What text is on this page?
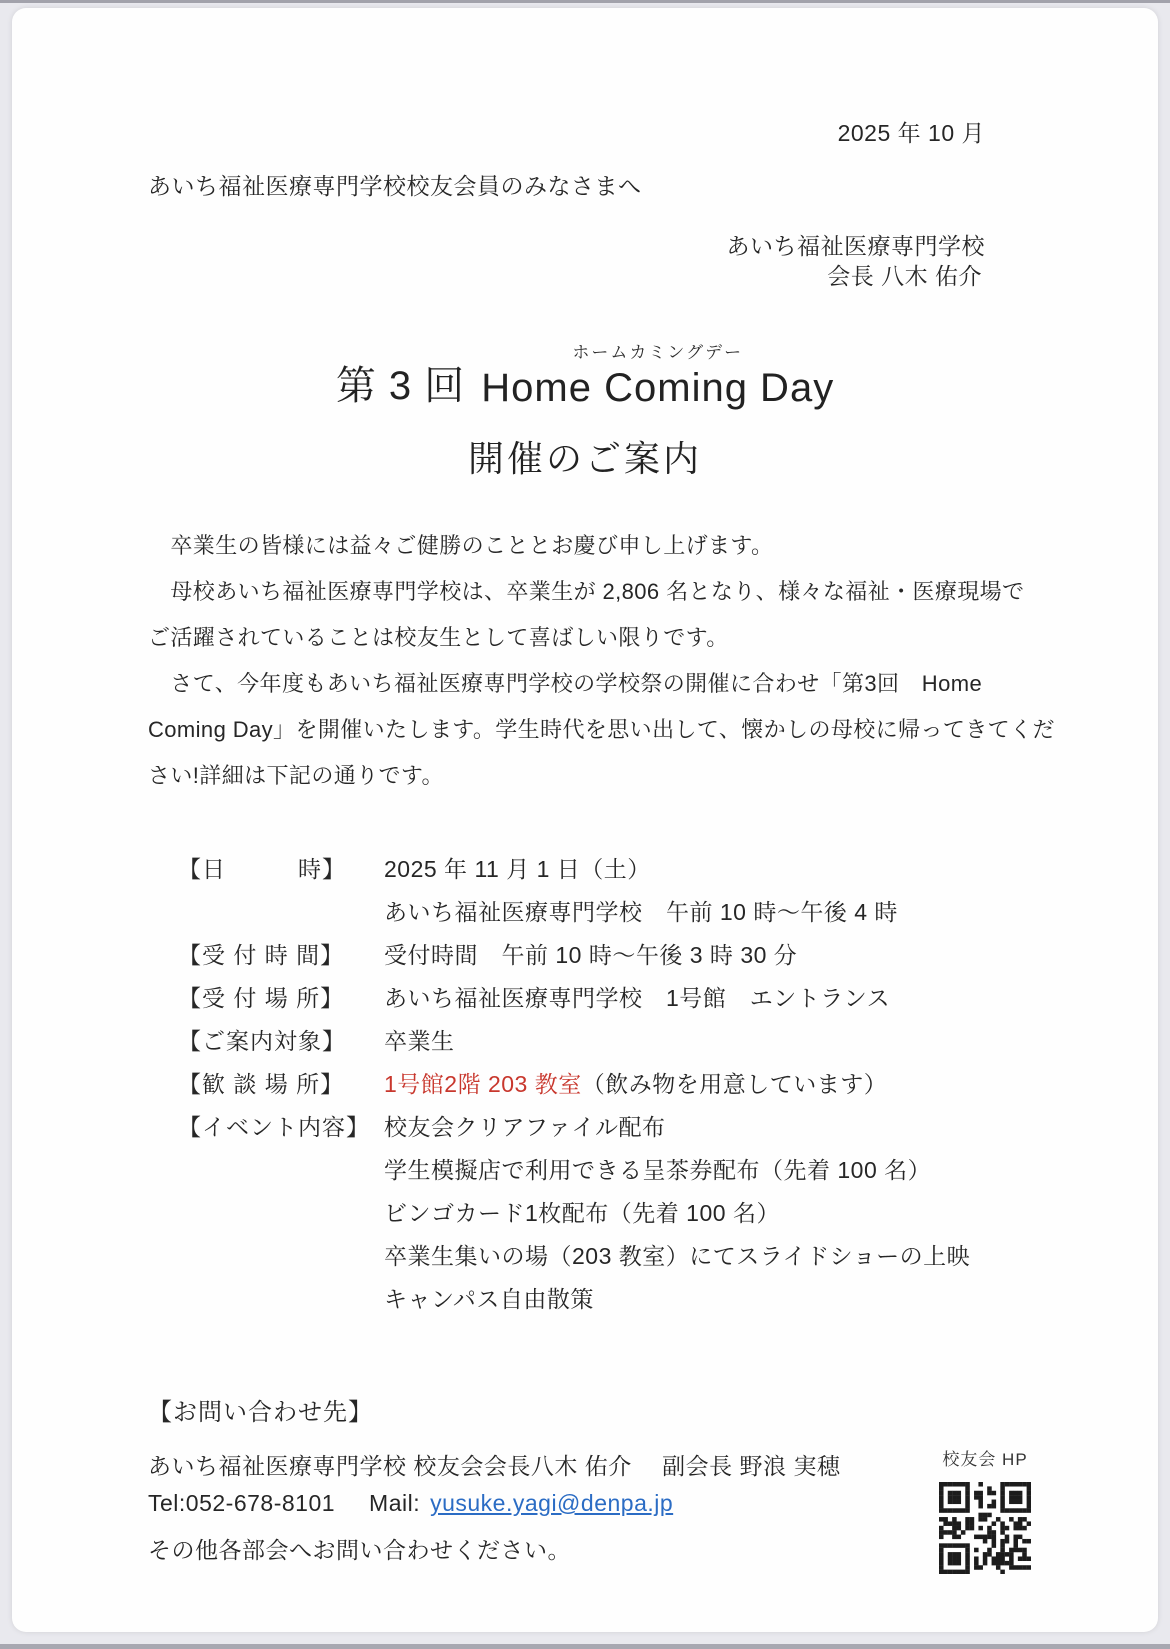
2025 年 10 月
あいち福祉医療専門学校校友会員のみなさまへ
あいち福祉医療専門学校
会長 八木 佑介
第 3 回
ホームカミングデー
Home Coming Day
開催のご案内
　卒業生の皆様には益々ご健勝のこととお慶び申し上げます。
　母校あいち福祉医療専門学校は、卒業生が 2,806 名となり、様々な福祉・医療現場で
ご活躍されていることは校友生として喜ばしい限りです。
　さて、今年度もあいち福祉医療専門学校の学校祭の開催に合わせ「第3回　Home
Coming Day」を開催いたします。学生時代を思い出して、懐かしの母校に帰ってきてくだ
さい!詳細は下記の通りです。
【日　　　時】	2025 年 11 月 1 日（土）
あいち福祉医療専門学校　午前 10 時～午後 4 時
【受 付 時 間】	受付時間　午前 10 時～午後 3 時 30 分
【受 付 場 所】	あいち福祉医療専門学校　1号館　エントランス
【ご案内対象】	卒業生
【歓 談 場 所】	1号館2階 203 教室（飲み物を用意しています）
【イベント内容】 校友会クリアファイル配布
学生模擬店で利用できる呈茶券配布（先着 100 名）
ビンゴカード1枚配布（先着 100 名）
卒業生集いの場（203 教室）にてスライドショーの上映
キャンパス自由散策
【お問い合わせ先】
あいち福祉医療専門学校 校友会会長八木 佑介　 副会長 野浪 実穂
Tel:052-678-8101 Mail: yusuke.yagi@denpa.jp
その他各部会へお問い合わせください。
校友会 HP
